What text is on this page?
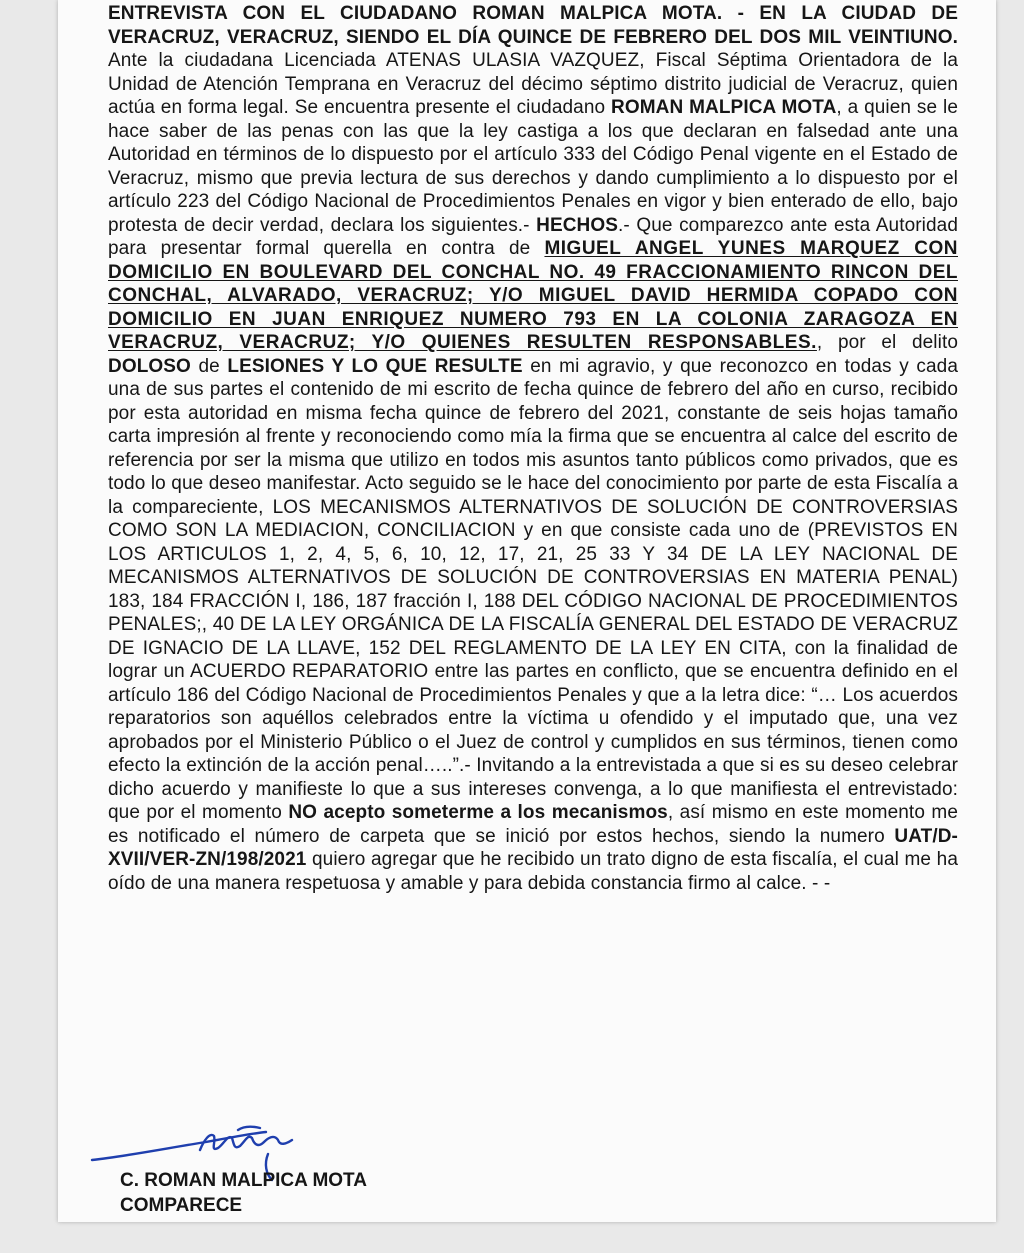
ENTREVISTA CON EL CIUDADANO ROMAN MALPICA MOTA. - EN LA CIUDAD DE VERACRUZ, VERACRUZ, SIENDO EL DÍA QUINCE DE FEBRERO DEL DOS MIL VEINTIUNO. Ante la ciudadana Licenciada ATENAS ULASIA VAZQUEZ, Fiscal Séptima Orientadora de la Unidad de Atención Temprana en Veracruz del décimo séptimo distrito judicial de Veracruz, quien actúa en forma legal. Se encuentra presente el ciudadano ROMAN MALPICA MOTA, a quien se le hace saber de las penas con las que la ley castiga a los que declaran en falsedad ante una Autoridad en términos de lo dispuesto por el artículo 333 del Código Penal vigente en el Estado de Veracruz, mismo que previa lectura de sus derechos y dando cumplimiento a lo dispuesto por el artículo 223 del Código Nacional de Procedimientos Penales en vigor y bien enterado de ello, bajo protesta de decir verdad, declara los siguientes.- HECHOS.- Que comparezco ante esta Autoridad para presentar formal querella en contra de MIGUEL ANGEL YUNES MARQUEZ CON DOMICILIO EN BOULEVARD DEL CONCHAL NO. 49 FRACCIONAMIENTO RINCON DEL CONCHAL, ALVARADO, VERACRUZ; Y/O MIGUEL DAVID HERMIDA COPADO CON DOMICILIO EN JUAN ENRIQUEZ NUMERO 793 EN LA COLONIA ZARAGOZA EN VERACRUZ, VERACRUZ; Y/O QUIENES RESULTEN RESPONSABLES., por el delito DOLOSO de LESIONES Y LO QUE RESULTE en mi agravio, y que reconozco en todas y cada una de sus partes el contenido de mi escrito de fecha quince de febrero del año en curso, recibido por esta autoridad en misma fecha quince de febrero del 2021, constante de seis hojas tamaño carta impresión al frente y reconociendo como mía la firma que se encuentra al calce del escrito de referencia por ser la misma que utilizo en todos mis asuntos tanto públicos como privados, que es todo lo que deseo manifestar. Acto seguido se le hace del conocimiento por parte de esta Fiscalía a la compareciente, LOS MECANISMOS ALTERNATIVOS DE SOLUCIÓN DE CONTROVERSIAS COMO SON LA MEDIACION, CONCILIACION y en que consiste cada uno de (PREVISTOS EN LOS ARTICULOS 1, 2, 4, 5, 6, 10, 12, 17, 21, 25 33 Y 34 DE LA LEY NACIONAL DE MECANISMOS ALTERNATIVOS DE SOLUCIÓN DE CONTROVERSIAS EN MATERIA PENAL) 183, 184 FRACCIÓN I, 186, 187 fracción I, 188 DEL CÓDIGO NACIONAL DE PROCEDIMIENTOS PENALES;, 40 DE LA LEY ORGÁNICA DE LA FISCALÍA GENERAL DEL ESTADO DE VERACRUZ DE IGNACIO DE LA LLAVE, 152 DEL REGLAMENTO DE LA LEY EN CITA, con la finalidad de lograr un ACUERDO REPARATORIO entre las partes en conflicto, que se encuentra definido en el artículo 186 del Código Nacional de Procedimientos Penales y que a la letra dice: “… Los acuerdos reparatorios son aquéllos celebrados entre la víctima u ofendido y el imputado que, una vez aprobados por el Ministerio Público o el Juez de control y cumplidos en sus términos, tienen como efecto la extinción de la acción penal…..”.- Invitando a la entrevistada a que si es su deseo celebrar dicho acuerdo y manifieste lo que a sus intereses convenga, a lo que manifiesta el entrevistado: que por el momento NO acepto someterme a los mecanismos, así mismo en este momento me es notificado el número de carpeta que se inició por estos hechos, siendo la numero UAT/D-XVII/VER-ZN/198/2021 quiero agregar que he recibido un trato digno de esta fiscalía, el cual me ha oído de una manera respetuosa y amable y para debida constancia firmo al calce. - -

C. ROMAN MALPICA MOTA
COMPARECE
